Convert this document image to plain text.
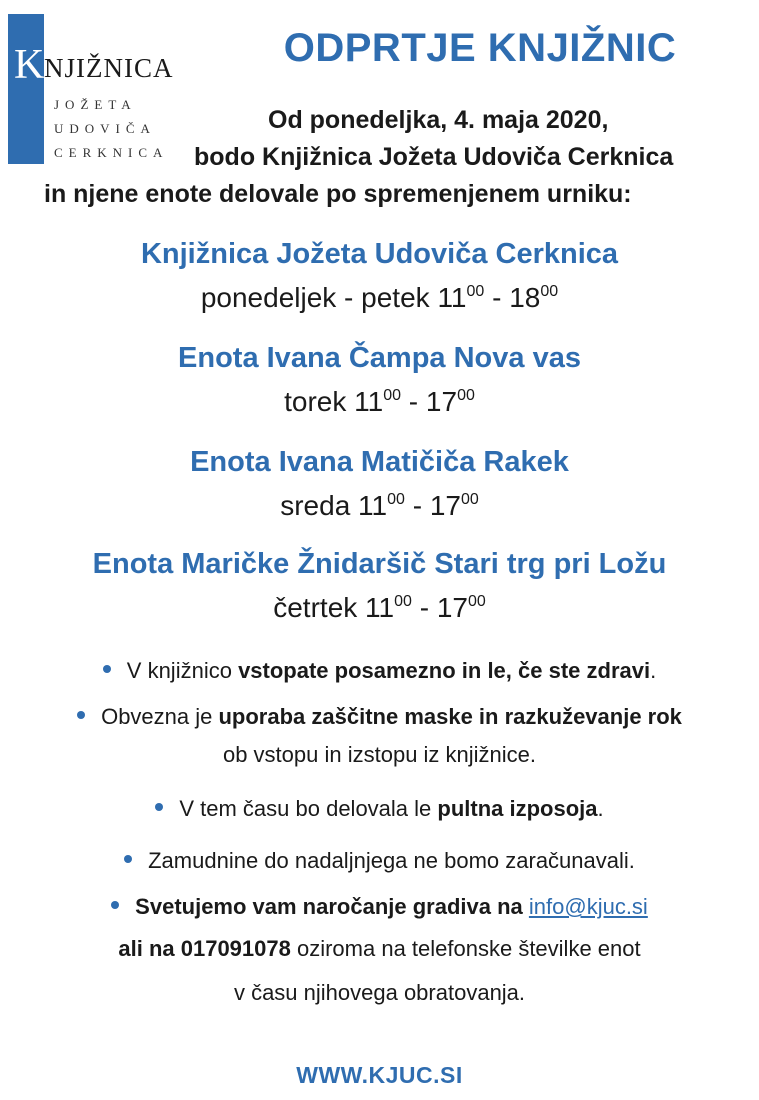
K NJIŽNICA
JOŽETA
UDOVIČA
CERKNICA
ODPRTJE KNJIŽNIC
Od ponedeljka, 4. maja 2020,
bodo Knjižnica Jožeta Udoviča Cerknica
in njene enote delovale po spremenjenem urniku:
Knjižnica Jožeta Udoviča Cerknica
ponedeljek - petek $11^{00} - 18^{00}$
Enota Ivana Čampa Nova vas
torek $11^{00} - 17^{00}$
Enota Ivana Matičiča Rakek
sreda $11^{00} - 17^{00}$
Enota Maričke Žnidaršič Stari trg pri Ložu
četrtek $11^{00} - 17^{00}$
V knjižnico vstopate posamezno in le, če ste zdravi.
Obvezna je uporaba zaščitne maske in razkuževanje rok
ob vstopu in izstopu iz knjižnice.
V tem času bo delovala le pultna izposoja.
Zamudnine do nadaljnjega ne bomo zaračunavali.
Svetujemo vam naročanje gradiva na info@kjuc.si
ali na 017091078 oziroma na telefonske številke enot
v času njihovega obratovanja.
WWW.KJUC.SI
